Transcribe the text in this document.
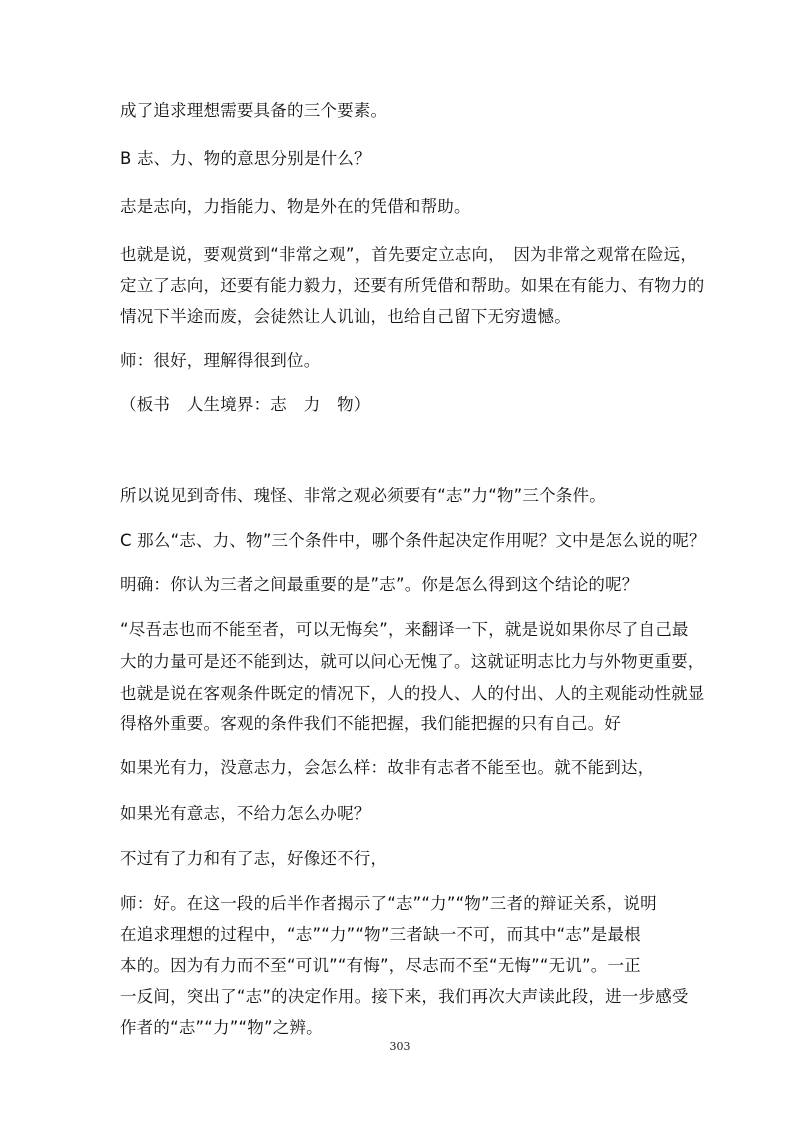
成了追求理想需要具备的三个要素。
B 志、力、物的意思分别是什么？
志是志向，力指能力、物是外在的凭借和帮助。
也就是说，要观赏到“非常之观”，首先要定立志向，　因为非常之观常在险远，
定立了志向，还要有能力毅力，还要有所凭借和帮助。如果在有能力、有物力的
情况下半途而废，会徒然让人讥讪，也给自己留下无穷遗憾。
师：很好，理解得很到位。
（板书　人生境界：志　力　物）
所以说见到奇伟、瑰怪、非常之观必须要有“志”力“物”三个条件。
C 那么“志、力、物”三个条件中，哪个条件起决定作用呢？文中是怎么说的呢？
明确：你认为三者之间最重要的是”志”。你是怎么得到这个结论的呢？
“尽吾志也而不能至者，可以无悔矣”，来翻译一下，就是说如果你尽了自己最
大的力量可是还不能到达，就可以问心无愧了。这就证明志比力与外物更重要，
也就是说在客观条件既定的情况下，人的投人、人的付出、人的主观能动性就显
得格外重要。客观的条件我们不能把握，我们能把握的只有自己。好
如果光有力，没意志力，会怎么样：故非有志者不能至也。就不能到达，
如果光有意志，不给力怎么办呢？
不过有了力和有了志，好像还不行，
师：好。在这一段的后半作者揭示了“志”“力”“物”三者的辩证关系，说明
在追求理想的过程中，“志”“力”“物”三者缺一不可，而其中“志”是最根
本的。因为有力而不至“可讥”“有悔”，尽志而不至“无悔”“无讥”。一正
一反间，突出了“志”的决定作用。接下来，我们再次大声读此段，进一步感受
作者的“志”“力”“物”之辨。
303
